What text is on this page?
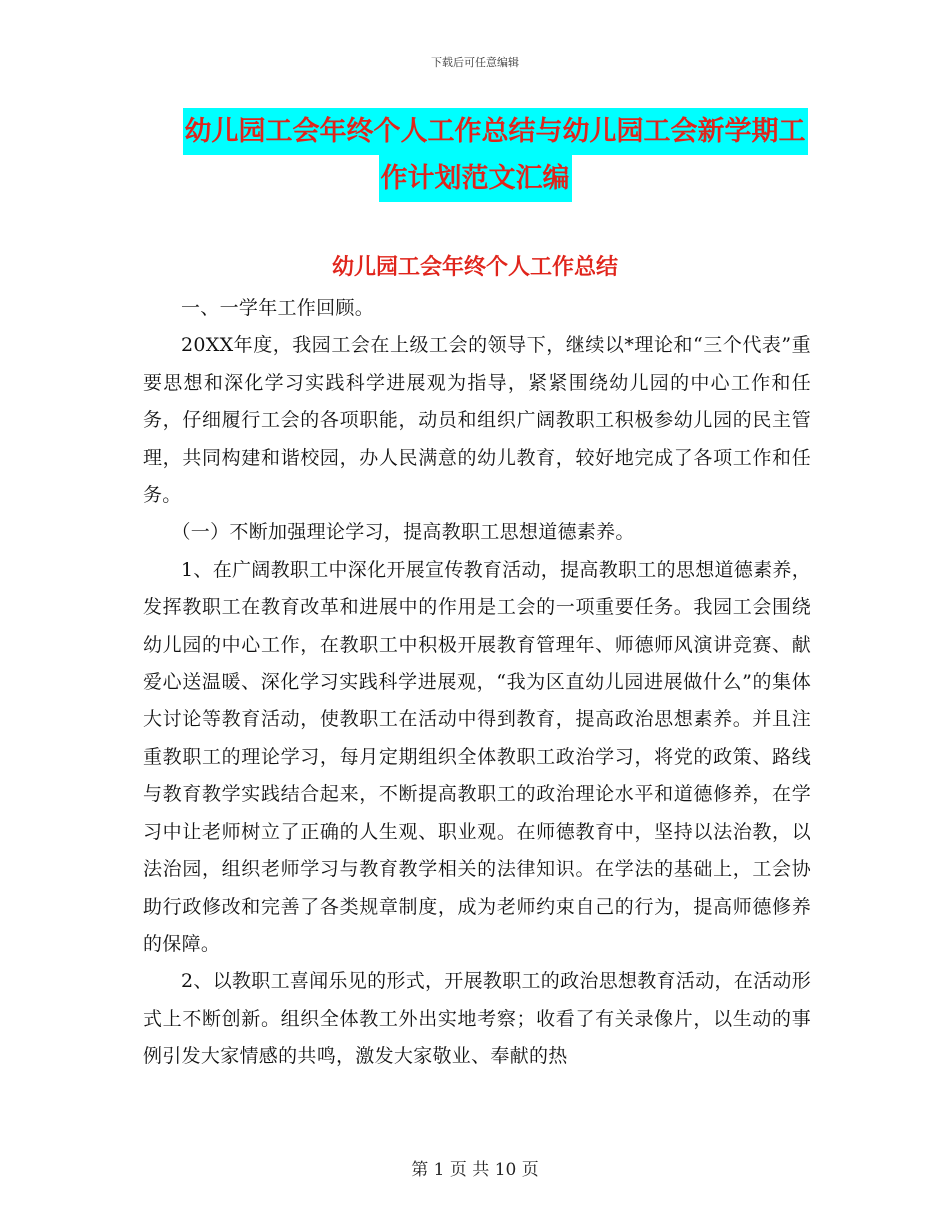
下载后可任意编辑
幼儿园工会年终个人工作总结与幼儿园工会新学期工
作计划范文汇编
幼儿园工会年终个人工作总结

一、一学年工作回顾。

20XX年度，我园工会在上级工会的领导下，继续以*理论和“三个代表”重要思想和深化学习实践科学进展观为指导，紧紧围绕幼儿园的中心工作和任务，仔细履行工会的各项职能，动员和组织广阔教职工积极参幼儿园的民主管理，共同构建和谐校园，办人民满意的幼儿教育，较好地完成了各项工作和任务。

（一）不断加强理论学习，提高教职工思想道德素养。

1、在广阔教职工中深化开展宣传教育活动，提高教职工的思想道德素养，发挥教职工在教育改革和进展中的作用是工会的一项重要任务。我园工会围绕幼儿园的中心工作，在教职工中积极开展教育管理年、师德师风演讲竞赛、献爱心送温暖、深化学习实践科学进展观，“我为区直幼儿园进展做什么”的集体大讨论等教育活动，使教职工在活动中得到教育，提高政治思想素养。并且注重教职工的理论学习，每月定期组织全体教职工政治学习，将党的政策、路线与教育教学实践结合起来，不断提高教职工的政治理论水平和道德修养，在学习中让老师树立了正确的人生观、职业观。在师德教育中，坚持以法治教，以法治园，组织老师学习与教育教学相关的法律知识。在学法的基础上，工会协助行政修改和完善了各类规章制度，成为老师约束自己的行为，提高师德修养的保障。

2、以教职工喜闻乐见的形式，开展教职工的政治思想教育活动，在活动形式上不断创新。组织全体教工外出实地考察；收看了有关录像片，以生动的事例引发大家情感的共鸣，激发大家敬业、奉献的热

第 1 页 共 10 页
